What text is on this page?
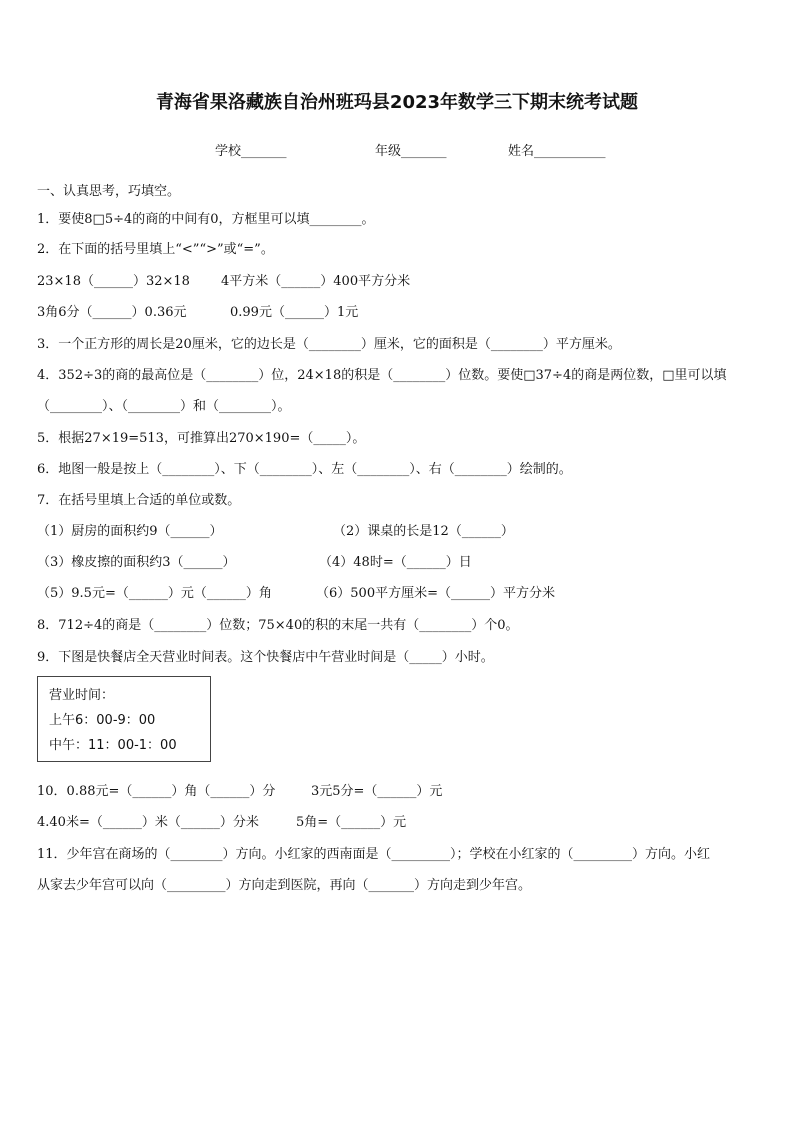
青海省果洛藏族自治州班玛县2023年数学三下期末统考试题
学校_______	年级_______	姓名___________
一、认真思考，巧填空。
1．要使8□5÷4的商的中间有0，方框里可以填________。
2．在下面的括号里填上“<”“>”或“=”。
23×18（______）32×18 4平方米（______）400平方分米
3角6分（______）0.36元	0.99元（______）1元
3．一个正方形的周长是20厘米，它的边长是（________）厘米，它的面积是（________）平方厘米。
4．352÷3的商的最高位是（________）位，24×18的积是（________）位数。要使□37÷4的商是两位数，□里可以填
（________）、（________）和（________）。
5．根据27×19=513，可推算出270×190=（_____）。
6．地图一般是按上（________）、下（________）、左（________）、右（________）绘制的。
7．在括号里填上合适的单位或数。
（1）厨房的面积约9（______）	（2）课桌的长是12（______）
（3）橡皮擦的面积约3（______）	（4）48时=（______）日
（5）9.5元=（______）元（______）角	（6）500平方厘米=（______）平方分米
8．712÷4的商是（________）位数；75×40的积的末尾一共有（________）个0。
9．下图是快餐店全天营业时间表。这个快餐店中午营业时间是（_____）小时。
营业时间：
上午6：00-9：00
中午：11：00-1：00
10．0.88元=（______）角（______）分	3元5分=（______）元
4.40米=（______）米（______）分米	5角=（______）元
11．少年宫在商场的（________）方向。小红家的西南面是（_________）；学校在小红家的（_________）方向。小红
从家去少年宫可以向（_________）方向走到医院，再向（_______）方向走到少年宫。
